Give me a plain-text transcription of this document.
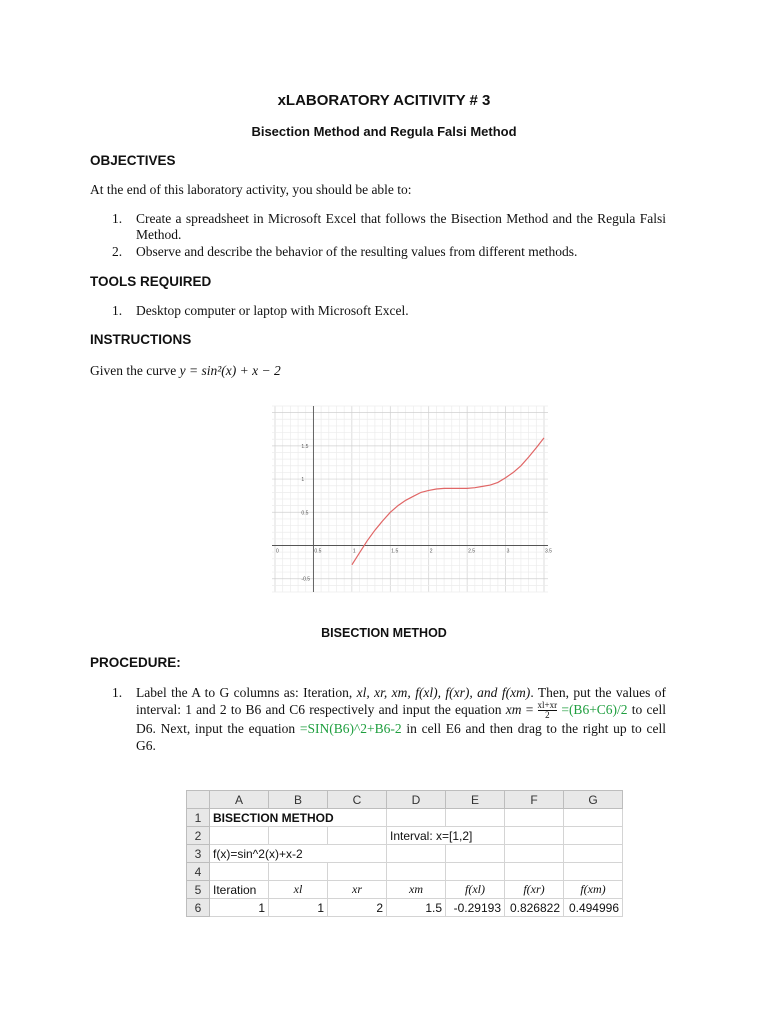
xLABORATORY ACITIVITY # 3
Bisection Method and Regula Falsi Method
OBJECTIVES
At the end of this laboratory activity, you should be able to:
1. Create a spreadsheet in Microsoft Excel that follows the Bisection Method and the Regula Falsi Method.
2. Observe and describe the behavior of the resulting values from different methods.
TOOLS REQUIRED
1. Desktop computer or laptop with Microsoft Excel.
INSTRUCTIONS
Given the curve y = sin²(x) + x − 2
0	0.5	1	1.5	2	2.5	3	3.5
-0.5
0.5
1
1.5
BISECTION METHOD
PROCEDURE:
1. Label the A to G columns as: Iteration, xl, xr, xm, f(xl), f(xr), and f(xm). Then, put the values of interval: 1 and 2 to B6 and C6 respectively and input the equation xm = $\frac{xl+xr}{2} =(B6+C6)/2$ to cell D6. Next, input the equation =SIN(B6)^2+B6-2 in cell E6 and then drag to the right up to cell G6.
	A	B	C	D	E	F	G
1	BISECTION METHOD						
2				Interval: x=[1,2]			
3	f(x)=sin^2(x)+x-2						
4							
5	Iteration	xl	xr	xm	f(xl)	f(xr)	f(xm)
6	1	1	2	1.5	-0.29193	0.826822	0.494996
